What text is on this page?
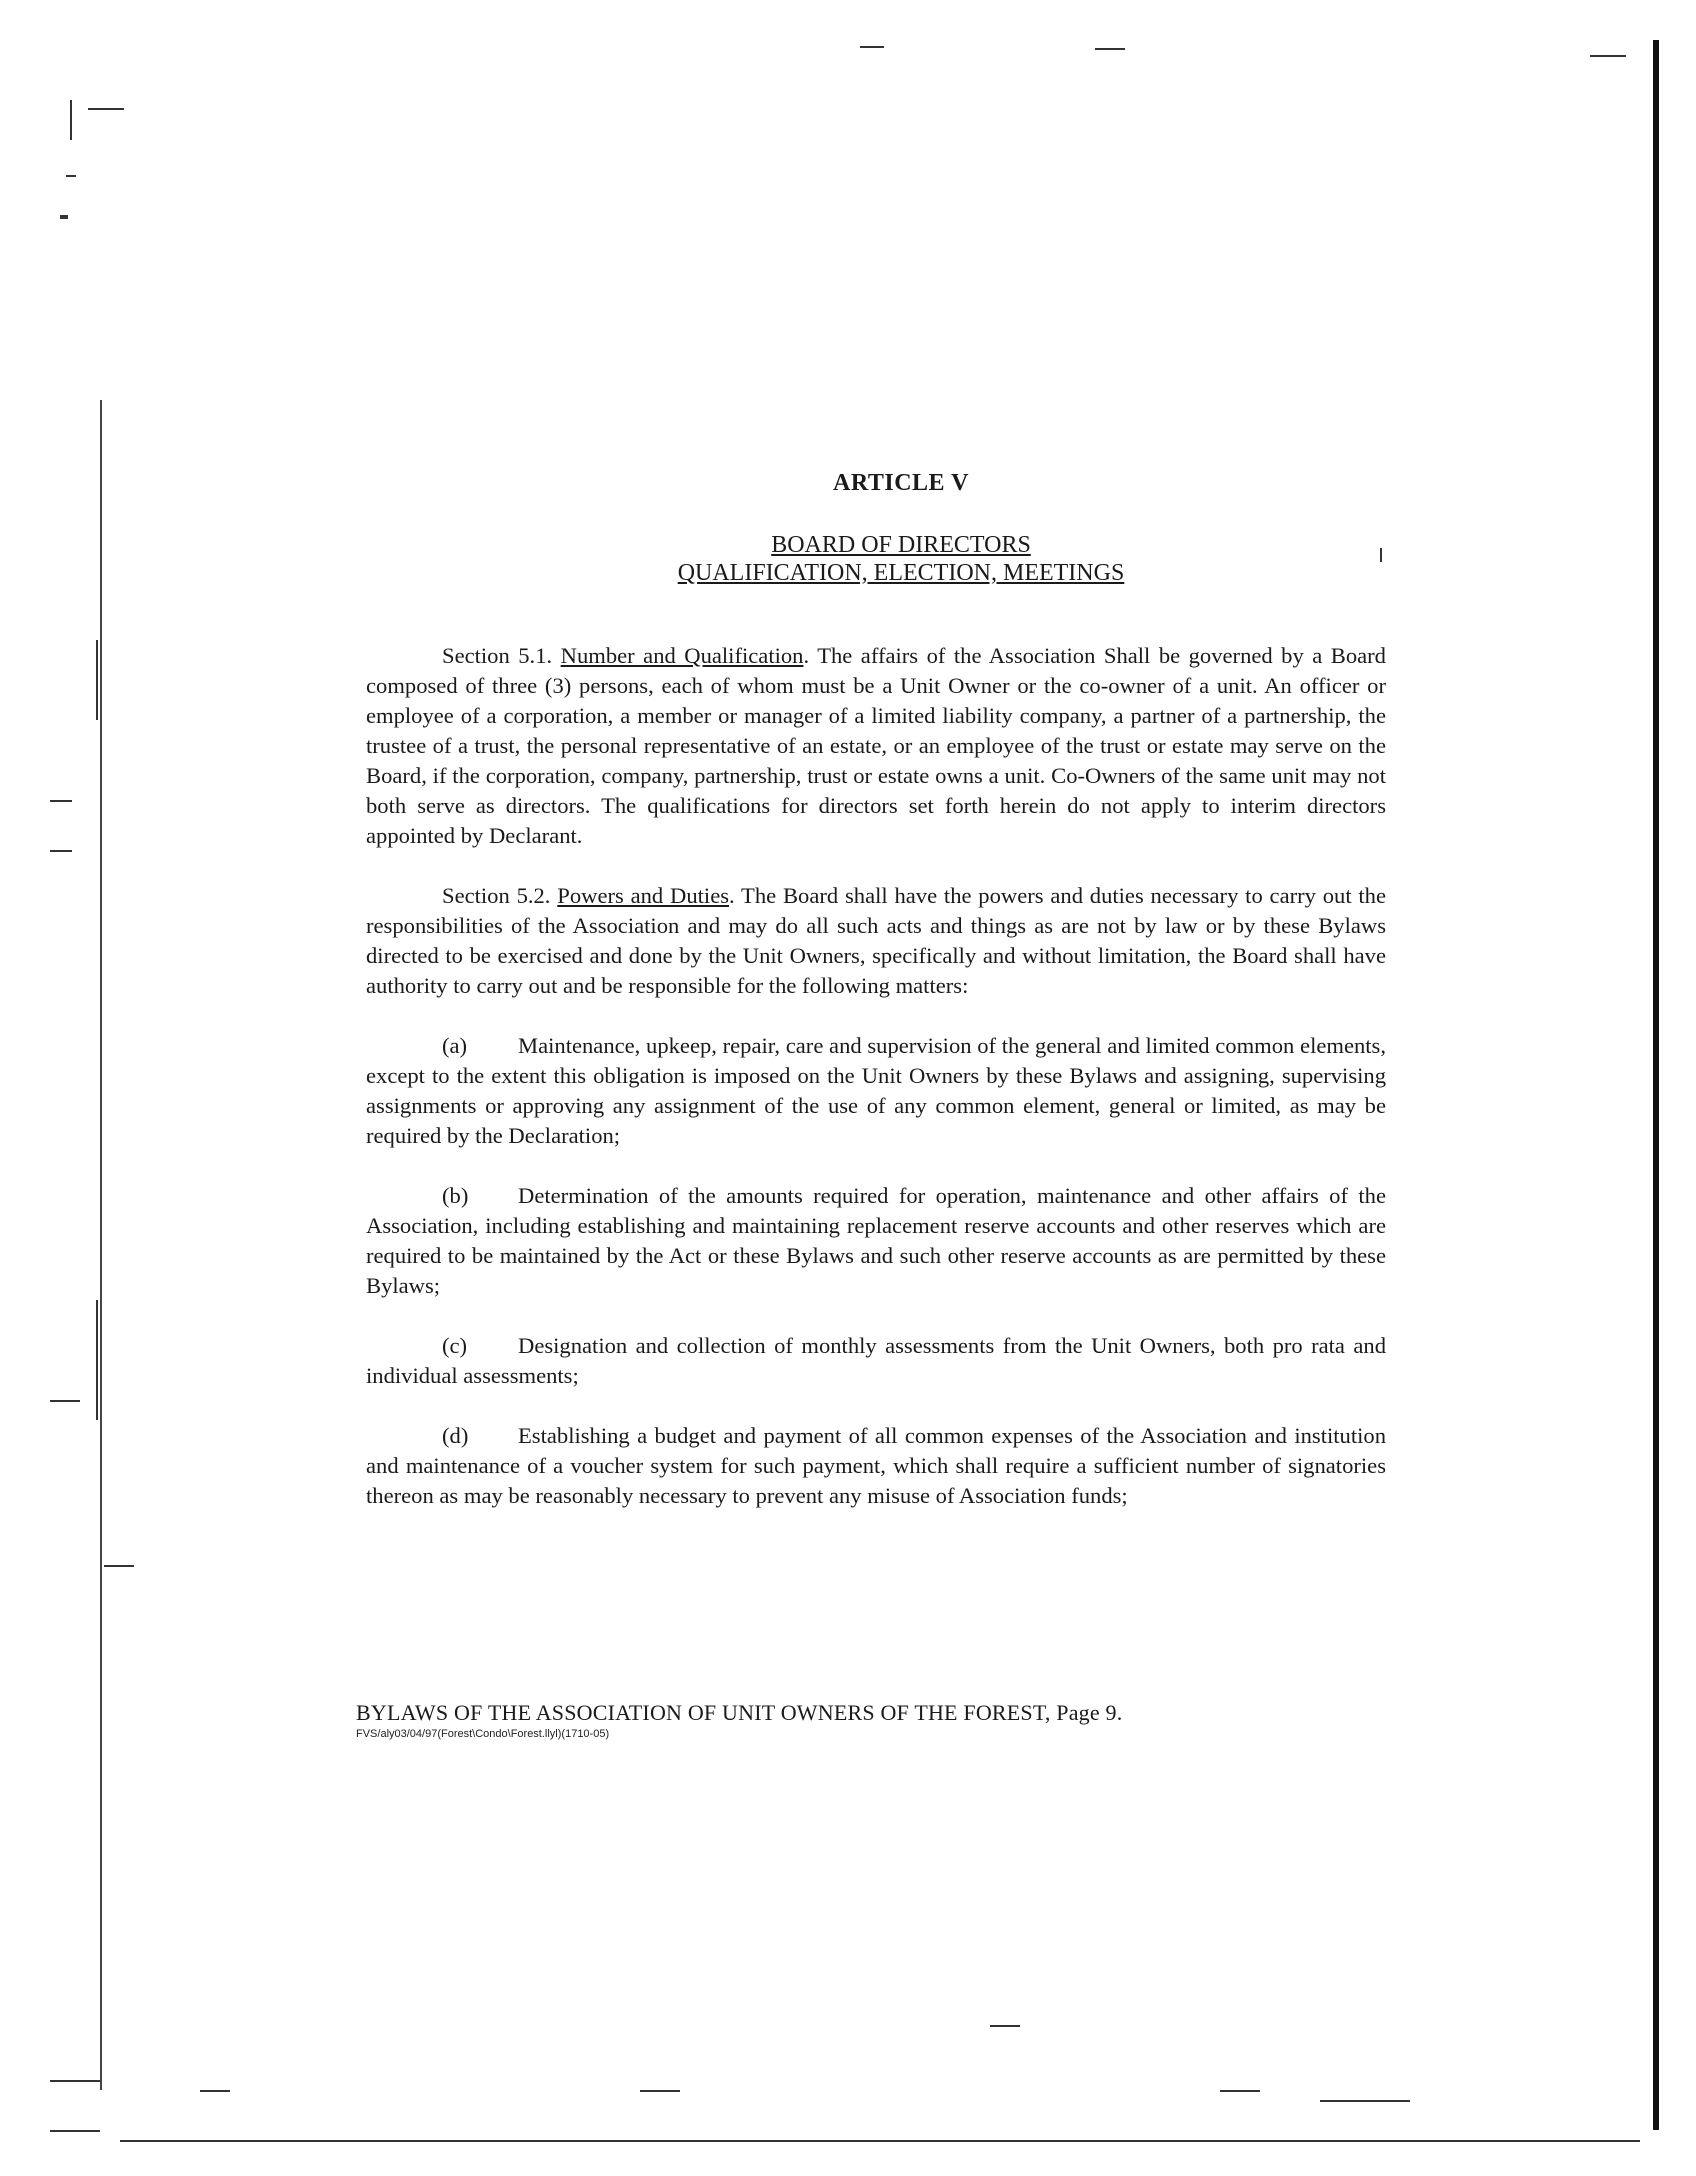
ARTICLE V
BOARD OF DIRECTORS
QUALIFICATION, ELECTION, MEETINGS

Section 5.1. Number and Qualification. The affairs of the Association Shall be governed by a Board composed of three (3) persons, each of whom must be a Unit Owner or the co-owner of a unit. An officer or employee of a corporation, a member or manager of a limited liability company, a partner of a partnership, the trustee of a trust, the personal representative of an estate, or an employee of the trust or estate may serve on the Board, if the corporation, company, partnership, trust or estate owns a unit. Co-Owners of the same unit may not both serve as directors. The qualifications for directors set forth herein do not apply to interim directors appointed by Declarant.

Section 5.2. Powers and Duties. The Board shall have the powers and duties necessary to carry out the responsibilities of the Association and may do all such acts and things as are not by law or by these Bylaws directed to be exercised and done by the Unit Owners, specifically and without limitation, the Board shall have authority to carry out and be responsible for the following matters:

(a) Maintenance, upkeep, repair, care and supervision of the general and limited common elements, except to the extent this obligation is imposed on the Unit Owners by these Bylaws and assigning, supervising assignments or approving any assignment of the use of any common element, general or limited, as may be required by the Declaration;

(b) Determination of the amounts required for operation, maintenance and other affairs of the Association, including establishing and maintaining replacement reserve accounts and other reserves which are required to be maintained by the Act or these Bylaws and such other reserve accounts as are permitted by these Bylaws;

(c) Designation and collection of monthly assessments from the Unit Owners, both pro rata and individual assessments;

(d) Establishing a budget and payment of all common expenses of the Association and institution and maintenance of a voucher system for such payment, which shall require a sufficient number of signatories thereon as may be reasonably necessary to prevent any misuse of Association funds;

BYLAWS OF THE ASSOCIATION OF UNIT OWNERS OF THE FOREST, Page 9.
FVS/aly03/04/97(Forest\Condo\Forest.llyl)(1710-05)
